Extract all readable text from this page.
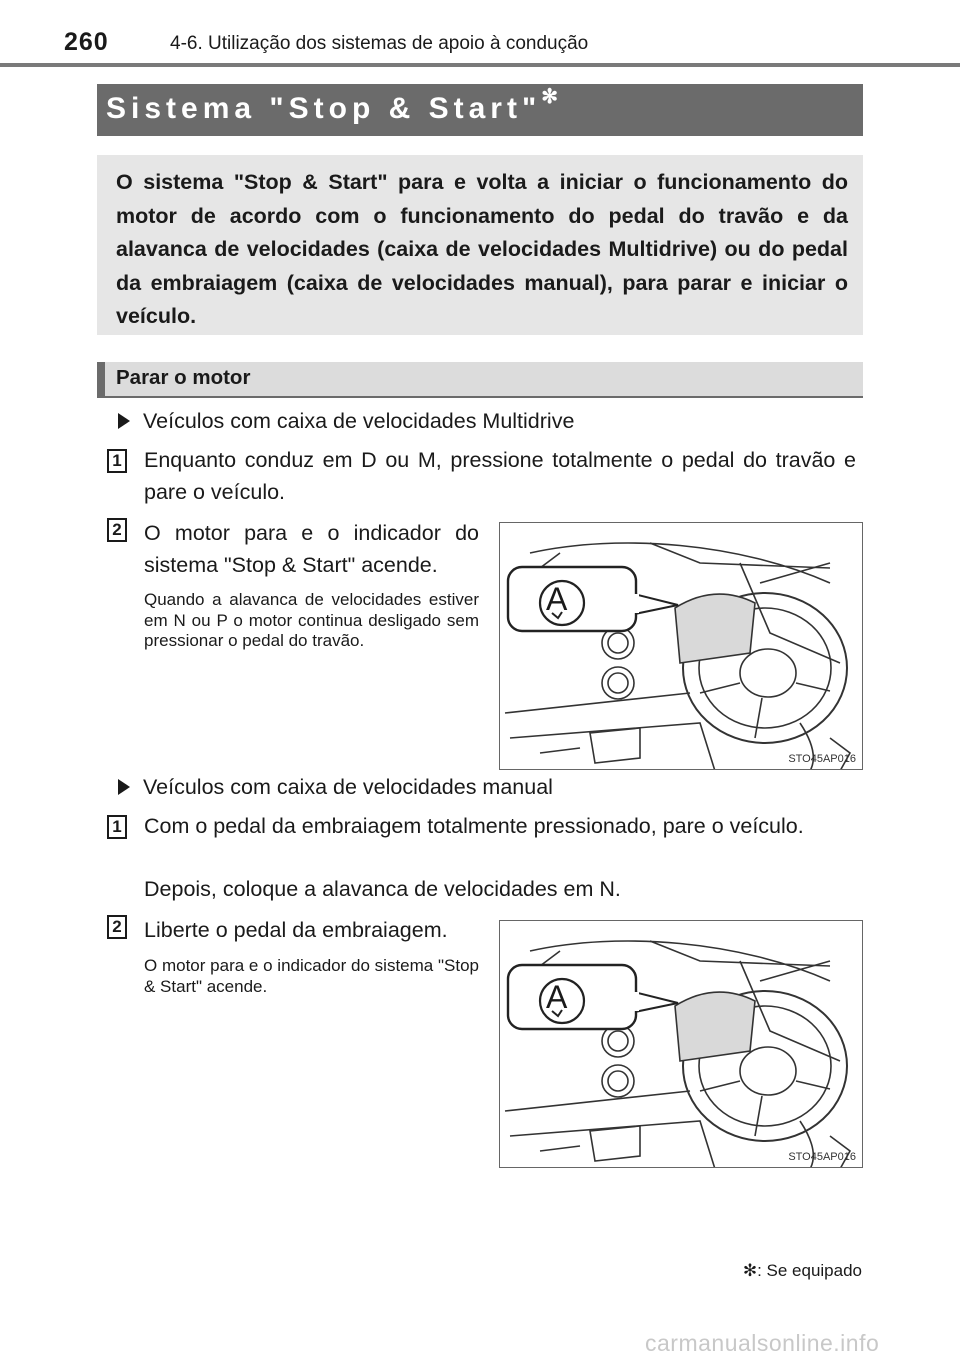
260	4-6. Utilização dos sistemas de apoio à condução
Sistema "Stop & Start"✻
O sistema "Stop & Start" para e volta a iniciar o funcionamento do motor de acordo com o funcionamento do pedal do travão e da alavanca de velocidades (caixa de velocidades Multidrive) ou do pedal da embraiagem (caixa de velocidades manual), para parar e iniciar o veículo.
Parar o motor
Veículos com caixa de velocidades Multidrive
1 Enquanto conduz em D ou M, pressione totalmente o pedal do travão e pare o veículo.
2 O motor para e o indicador do sistema "Stop & Start" acende.
Quando a alavanca de velocidades estiver em N ou P o motor continua desligado sem pressionar o pedal do travão.
A
STO45AP016
Veículos com caixa de velocidades manual
1 Com o pedal da embraiagem totalmente pressionado, pare o veículo.
Depois, coloque a alavanca de velocidades em N.
2 Liberte o pedal da embraiagem.
O motor para e o indicador do sistema "Stop & Start" acende.	A
STO45AP016
✻: Se equipado
carmanualsonline.info
